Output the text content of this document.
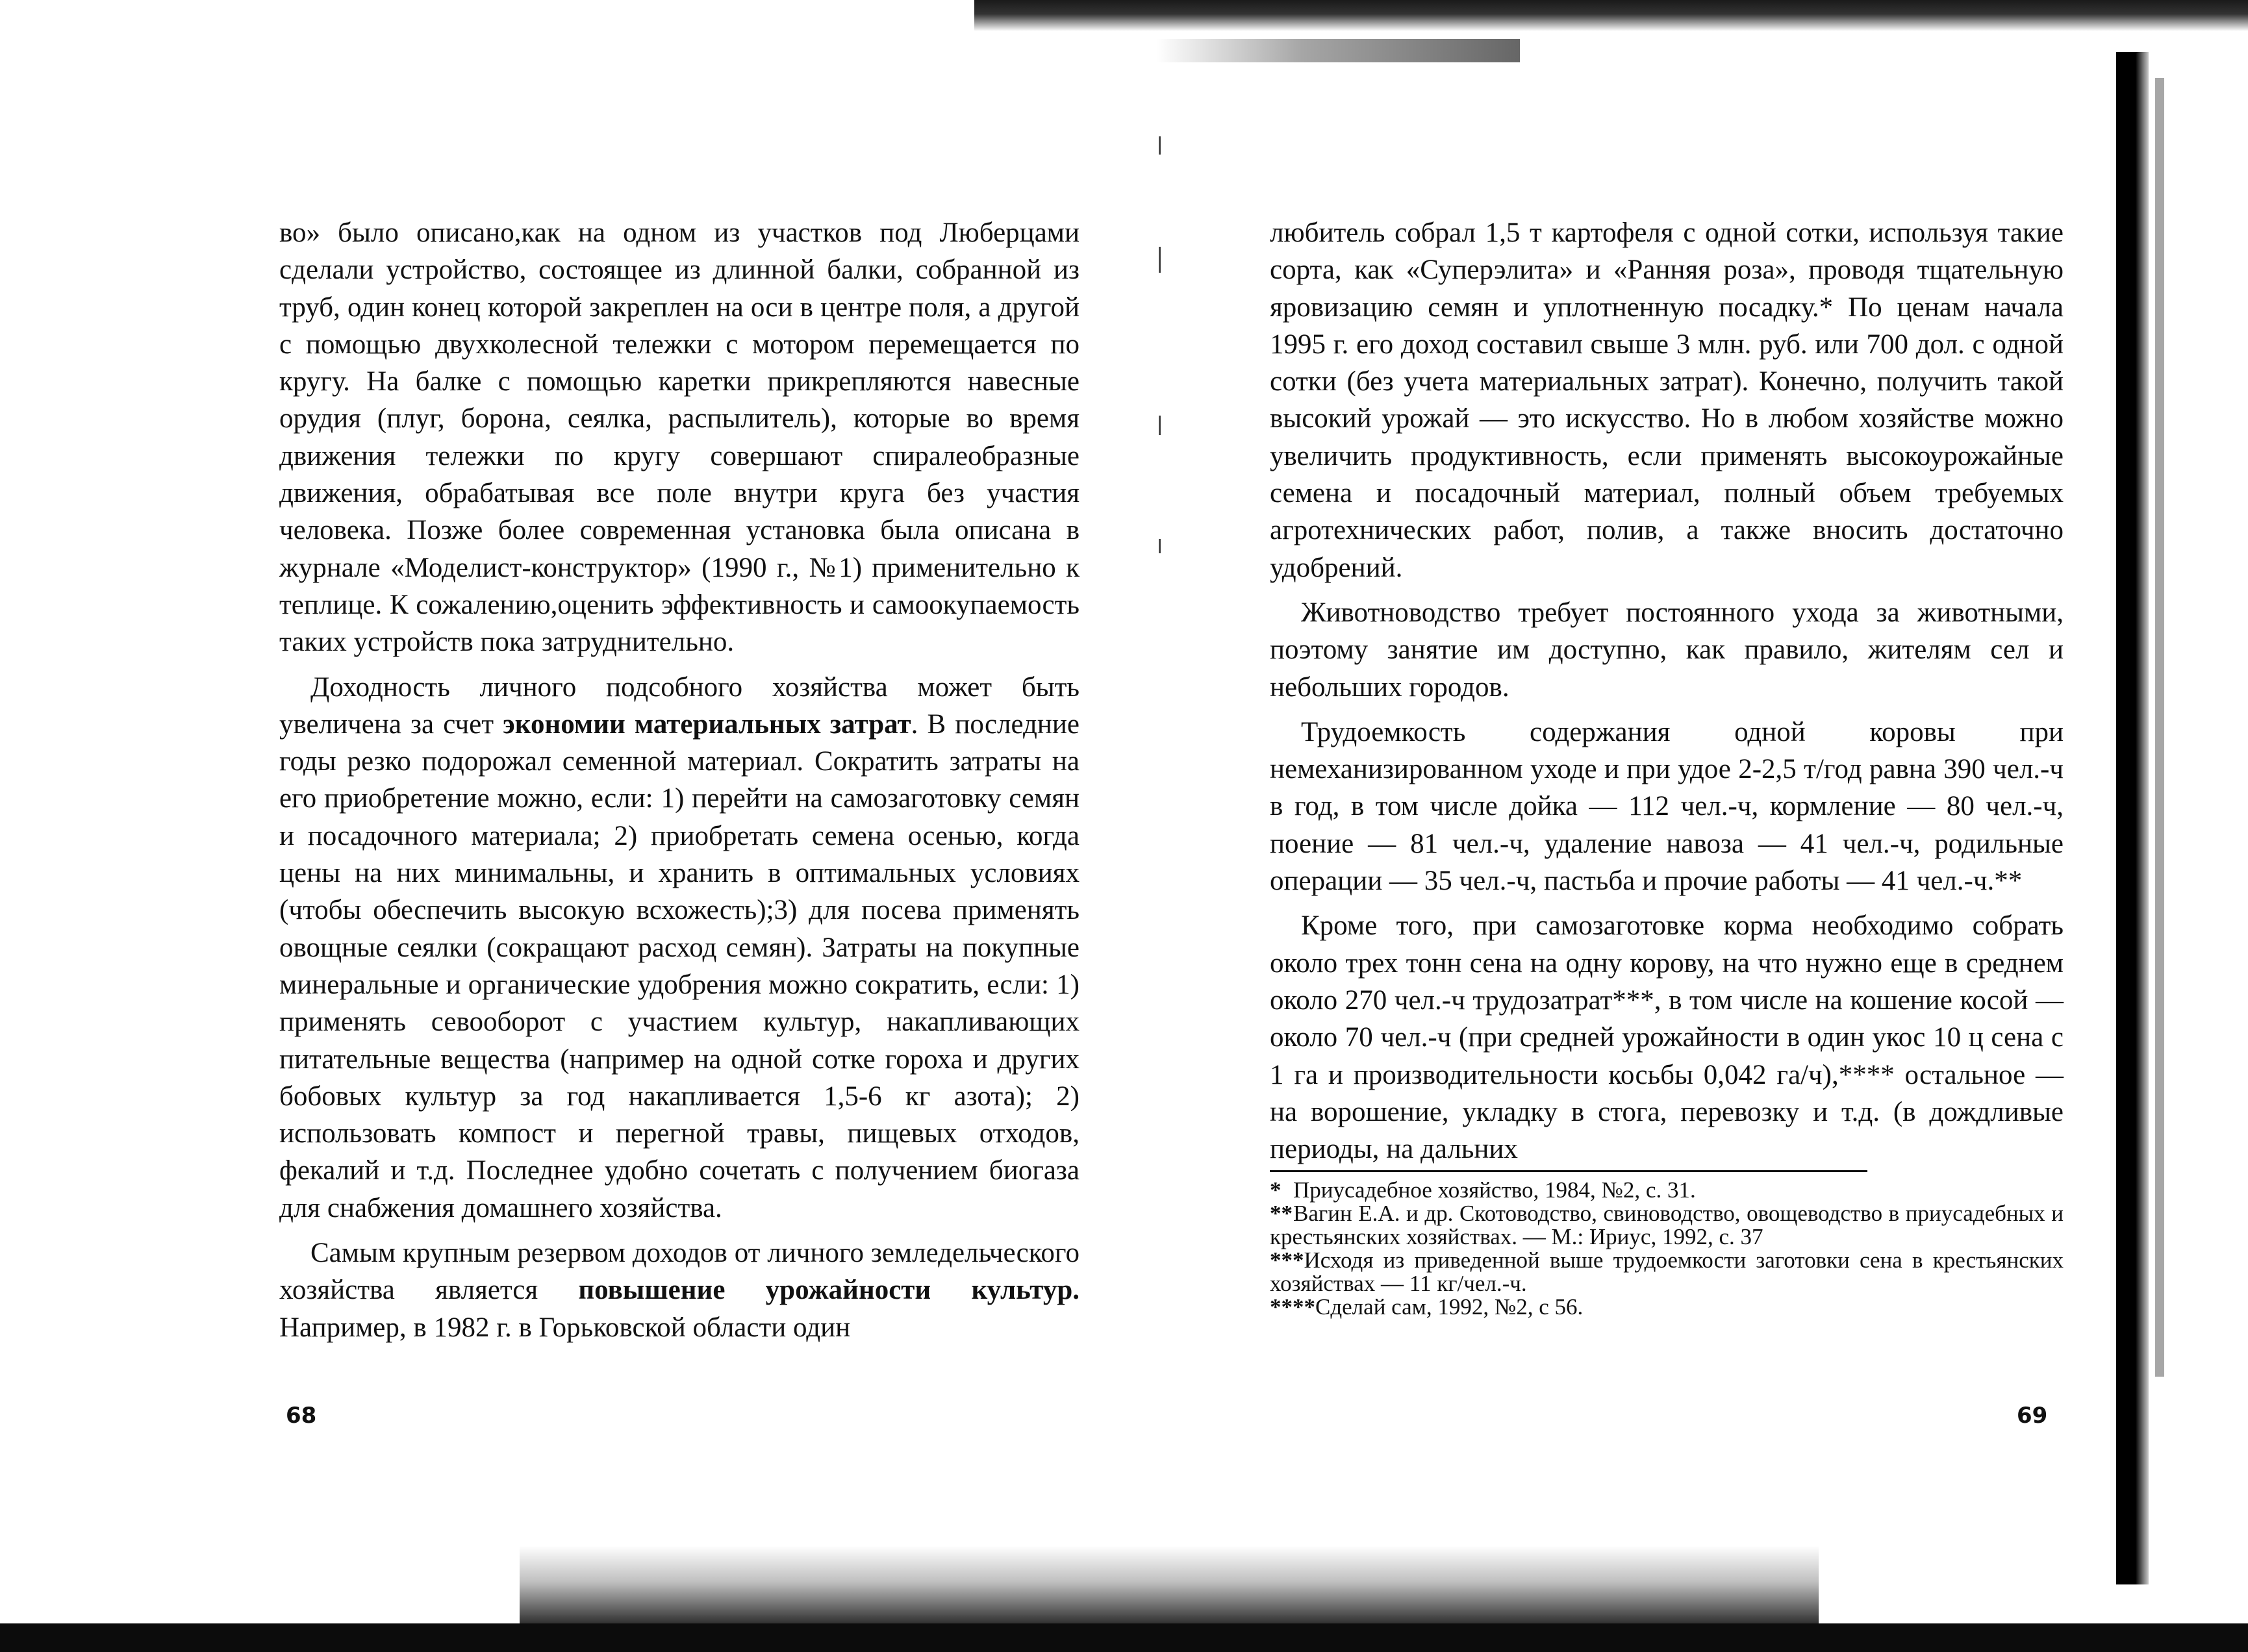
во» было описано,как на одном из участков под Люберцами сделали устройство, состоящее из длинной балки, собранной из труб, один конец которой закреплен на оси в центре поля, а другой с помощью двухколесной тележки с мотором перемещается по кругу. На балке с помощью каретки прикрепляются навесные орудия (плуг, борона, сеялка, распылитель), которые во время движения тележки по кругу совершают спиралеобразные движения, обрабатывая все поле внутри круга без участия человека. Позже более современная установка была описана в журнале «Моделист-конструктор» (1990 г., №1) применительно к теплице. К сожалению,оценить эффективность и самоокупаемость таких устройств пока затруднительно.

Доходность личного подсобного хозяйства может быть увеличена за счет экономии материальных затрат. В последние годы резко подорожал семенной материал. Сократить затраты на его приобретение можно, если: 1) перейти на самозаготовку семян и посадочного материала; 2) приобретать семена осенью, когда цены на них минимальны, и хранить в оптимальных условиях (чтобы обеспечить высокую всхожесть);3) для посева применять овощные сеялки (сокращают расход семян). Затраты на покупные минеральные и органические удобрения можно сократить, если: 1) применять севооборот с участием культур, накапливающих питательные вещества (например на одной сотке гороха и других бобовых культур за год накапливается 1,5-6 кг азота); 2) использовать компост и перегной травы, пищевых отходов, фекалий и т.д. Последнее удобно сочетать с получением биогаза для снабжения домашнего хозяйства.

Самым крупным резервом доходов от личного земледельческого хозяйства является повышение урожайности культур. Например, в 1982 г. в Горьковской области один

68

любитель собрал 1,5 т картофеля с одной сотки, используя такие сорта, как «Суперэлита» и «Ранняя роза», проводя тщательную яровизацию семян и уплотненную посадку.* По ценам начала 1995 г. его доход составил свыше 3 млн. руб. или 700 дол. с одной сотки (без учета материальных затрат). Конечно, получить такой высокий урожай — это искусство. Но в любом хозяйстве можно увеличить продуктивность, если применять высокоурожайные семена и посадочный материал, полный объем требуемых агротехнических работ, полив, а также вносить достаточно удобрений.

Животноводство требует постоянного ухода за животными, поэтому занятие им доступно, как правило, жителям сел и небольших городов.

Трудоемкость содержания одной коровы при немеханизированном уходе и при удое 2-2,5 т/год равна 390 чел.-ч в год, в том числе дойка — 112 чел.-ч, кормление — 80 чел.-ч, поение — 81 чел.-ч, удаление навоза — 41 чел.-ч, родильные операции — 35 чел.-ч, пастьба и прочие работы — 41 чел.-ч.**

Кроме того, при самозаготовке корма необходимо собрать около трех тонн сена на одну корову, на что нужно еще в среднем около 270 чел.-ч трудозатрат***, в том числе на кошение косой — около 70 чел.-ч (при средней урожайности в один укос 10 ц сена с 1 га и производительности косьбы 0,042 га/ч),**** остальное — на ворошение, укладку в стога, перевозку и т.д. (в дождливые периоды, на дальних

* Приусадебное хозяйство, 1984, №2, с. 31.

**Вагин Е.А. и др. Скотоводство, свиноводство, овощеводство в приусадебных и крестьянских хозяйствах. — М.: Ириус, 1992, с. 37

***Исходя из приведенной выше трудоемкости заготовки сена в крестьянских хозяйствах — 11 кг/чел.-ч.

****Сделай сам, 1992, №2, с 56.

69
